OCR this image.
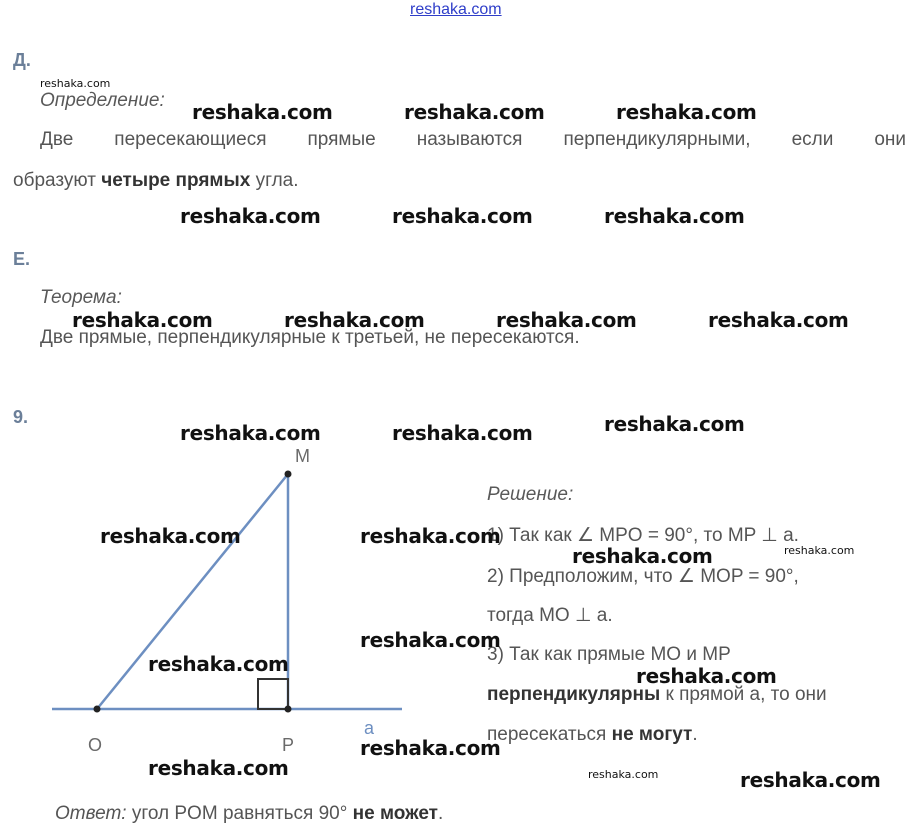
reshaka.com
Д.
Определение:
Две пересекающиеся прямые называются перпендикулярными, если они
образуют четыре прямых угла.
Е.
Теорема:
Две прямые, перпендикулярные к третьей, не пересекаются.
9.
M
O	P
a
Решение:
1) Так как ∠ MPO = 90°, то MP ⊥ a.
2) Предположим, что ∠ MOP = 90°,
тогда MO ⊥ a.
3) Так как прямые MO и MP
перпендикулярны к прямой a, то они
пересекаться не могут.
Ответ: угол POM равняться 90° не может.
reshaka.com
reshaka.com	reshaka.com	reshaka.com
reshaka.com	reshaka.com	reshaka.com
reshaka.com	reshaka.com	reshaka.com	reshaka.com
reshaka.com	reshaka.com	reshaka.com
reshaka.com	reshaka.com
reshaka.com	reshaka.com
reshaka.com
reshaka.com	reshaka.com
reshaka.com
reshaka.com	reshaka.com	reshaka.com
